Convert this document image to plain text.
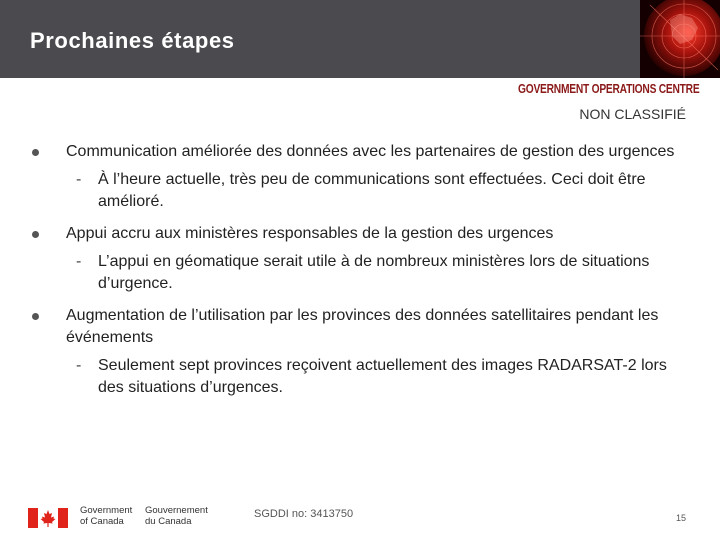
Prochaines étapes
GOVERNMENT OPERATIONS CENTRE
NON CLASSIFIÉ
Communication améliorée des données avec les partenaires de gestion des urgences
- À l’heure actuelle, très peu de communications sont effectuées. Ceci doit être amélioré.
Appui accru aux ministères responsables de la gestion des urgences
- L’appui en géomatique serait utile à de nombreux ministères lors de situations d’urgence.
Augmentation de l’utilisation par les provinces des données satellitaires pendant les événements
- Seulement sept provinces reçoivent actuellement des images RADARSAT-2 lors des situations d’urgences.
Government
of Canada
Gouvernement
du Canada
SGDDI no: 3413750	15
